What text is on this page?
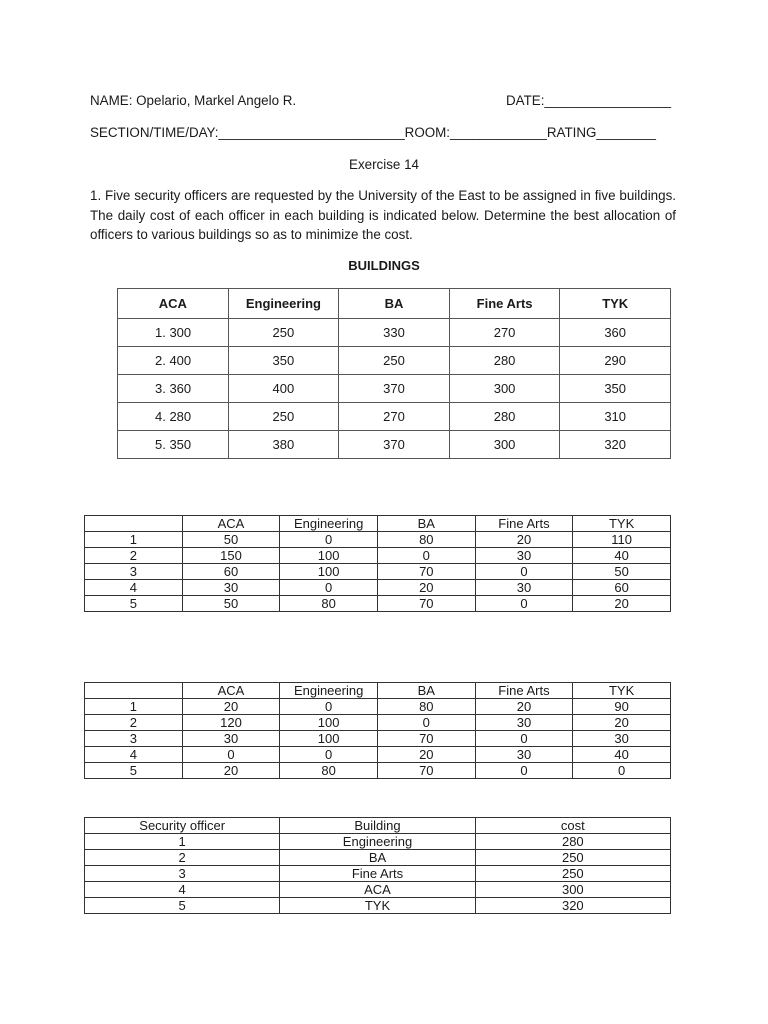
NAME: Opelario, Markel Angelo R.	DATE:_________________
SECTION/TIME/DAY:_________________________ROOM:_____________RATING________
Exercise 14
1. Five security officers are requested by the University of the East to be assigned in five buildings. The daily cost of each officer in each building is indicated below. Determine the best allocation of officers to various buildings so as to minimize the cost.
BUILDINGS
ACA	Engineering	BA	Fine Arts	TYK
1. 300	250	330	270	360
2. 400	350	250	280	290
3. 360	400	370	300	350
4. 280	250	270	280	310
5. 350	380	370	300	320
	ACA	Engineering	BA	Fine Arts	TYK
1	50	0	80	20	110
2	150	100	0	30	40
3	60	100	70	0	50
4	30	0	20	30	60
5	50	80	70	0	20
	ACA	Engineering	BA	Fine Arts	TYK
1	20	0	80	20	90
2	120	100	0	30	20
3	30	100	70	0	30
4	0	0	20	30	40
5	20	80	70	0	0
Security officer	Building	cost
1	Engineering	280
2	BA	250
3	Fine Arts	250
4	ACA	300
5	TYK	320
